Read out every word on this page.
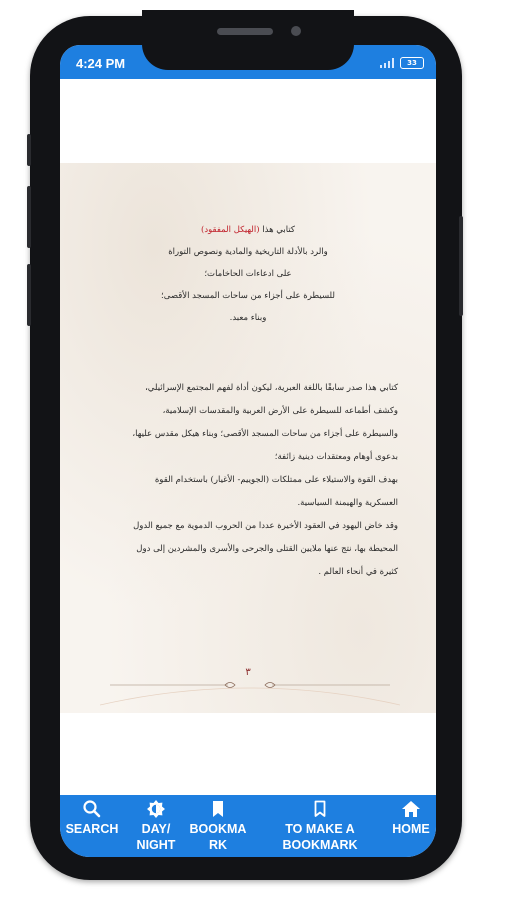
4:24 PM	33
كتابي هذا (الهيكل المفقود)
والرد بالأدلة التاريخية والمادية ونصوص التوراة
على ادعاءات الحاخامات؛
للسيطرة على أجزاء من ساحات المسجد الأقصى؛
وبناء معبد.
كتابي هذا صدر سابقًا باللغة العبرية، ليكون أداة لفهم المجتمع الإسرائيلي،
وكشف أطماعه للسيطرة على الأرض العربية والمقدسات الإسلامية،
والسيطرة على أجزاء من ساحات المسجد الأقصى؛ وبناء هيكل مقدس عليها،
بدعوى أوهام ومعتقدات دينية زائفة؛
بهدف القوة والاستيلاء على ممتلكات (الجوييم- الأغيار) باستخدام القوة
العسكرية والهيمنة السياسية.
وقد خاض اليهود في العقود الأخيرة عددا من الحروب الدموية مع جميع الدول
المحيطة بها، نتج عنها ملايين القتلى والجرحى والأسرى والمشردين إلى دول
كثيرة في أنحاء العالم .
٣
SEARCH	DAY/ NIGHT
BOOKMA RK
TO MAKE A BOOKMARK
HOME
